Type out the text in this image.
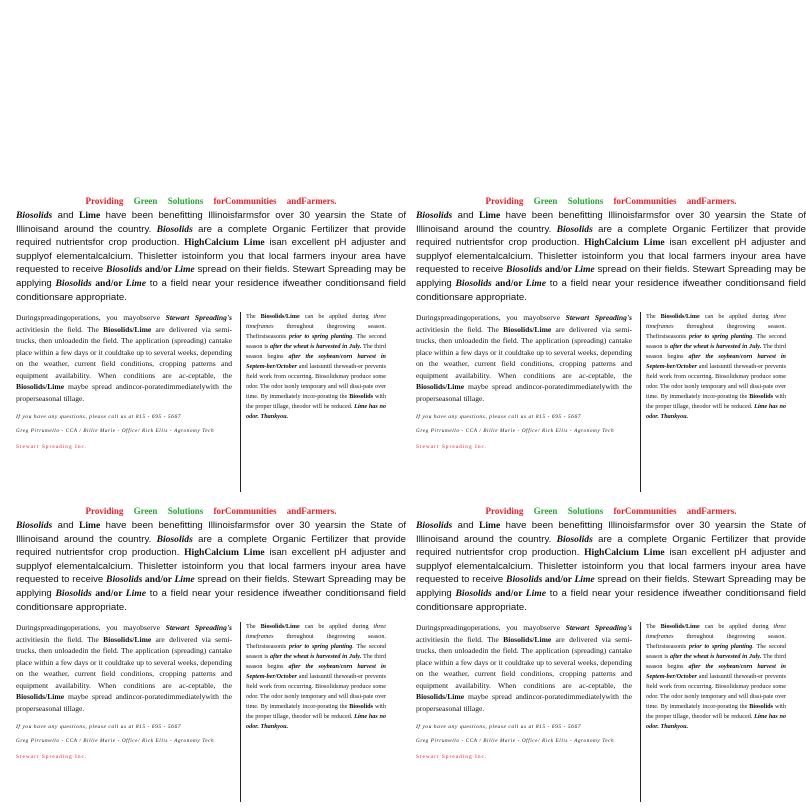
Providing Green Solutions forCommunities andFarmers.
Biosolids and Lime have been benefitting Illinoisfarmsfor over 30 yearsin the State of Illinoisand around the country. Biosolids are a complete Organic Fertilizer that provide required nutrientsfor crop production. HighCalcium Lime isan excellent pH adjuster and supplyof elementalcalcium. Thisletter istoinform you that local farmers inyour area have requested to receive Biosolids and/or Lime spread on their fields. Stewart Spreading may be applying Biosolids and/or Lime to a field near your residence ifweather conditionsand field conditionsare appropriate.
Duringspreadingoperations, you mayobserve Stewart Spreading's activitiesin the field. The Biosolids/Lime are delivered via semi-trucks, then unloadedin the field. The application (spreading) cantake place within a few days or it couldtake up to several weeks, depending on the weather, current field conditions, cropping patterns and equipment availability. When conditions are ac-ceptable, the Biosolids/Lime maybe spread andincor-poratedimmediatelywith the properseasonal tillage.
If you have any questions, please call us at 815 - 695 - 5667
Greg Pirrumello - CCA / Billie Marie - Office/ Rick Ellis - Agronomy Tech
Stewart Spreading Inc.
The Biosolids/Lime can be applied during three timeframes throughout thegrowing season. Thefirstseasonis prior to spring planting. The second season is after the wheat is harvested in July. The third season begins after the soybean/corn harvest in Septem-ber/October and lastsuntil theweath-er prevents field work from occurring. Biosolidsmay produce some odor. The odor isonly temporary and will dissi-pate over time. By immediately incor-porating the Biosolids with the proper tillage, theodor will be reduced. Lime has no odor. Thankyou.
Providing Green Solutions forCommunities andFarmers.
Biosolids and Lime have been benefitting Illinoisfarmsfor over 30 yearsin the State of Illinoisand around the country. Biosolids are a complete Organic Fertilizer that provide required nutrientsfor crop production. HighCalcium Lime isan excellent pH adjuster and supplyof elementalcalcium. Thisletter istoinform you that local farmers inyour area have requested to receive Biosolids and/or Lime spread on their fields. Stewart Spreading may be applying Biosolids and/or Lime to a field near your residence ifweather conditionsand field conditionsare appropriate.
Duringspreadingoperations, you mayobserve Stewart Spreading's activitiesin the field. The Biosolids/Lime are delivered via semi-trucks, then unloadedin the field. The application (spreading) cantake place within a few days or it couldtake up to several weeks, depending on the weather, current field conditions, cropping patterns and equipment availability. When conditions are ac-ceptable, the Biosolids/Lime maybe spread andincor-poratedimmediatelywith the properseasonal tillage.
If you have any questions, please call us at 815 - 695 - 5667
Greg Pirrumello - CCA / Billie Marie - Office/ Rick Ellis - Agronomy Tech
Stewart Spreading Inc.
The Biosolids/Lime can be applied during three timeframes throughout thegrowing season. Thefirstseasonis prior to spring planting. The second season is after the wheat is harvested in July. The third season begins after the soybean/corn harvest in Septem-ber/October and lastsuntil theweath-er prevents field work from occurring. Biosolidsmay produce some odor. The odor isonly temporary and will dissi-pate over time. By immediately incor-porating the Biosolids with the proper tillage, theodor will be reduced. Lime has no odor. Thankyou.
Providing Green Solutions forCommunities andFarmers.
Biosolids and Lime have been benefitting Illinoisfarmsfor over 30 yearsin the State of Illinoisand around the country. Biosolids are a complete Organic Fertilizer that provide required nutrientsfor crop production. HighCalcium Lime isan excellent pH adjuster and supplyof elementalcalcium. Thisletter istoinform you that local farmers inyour area have requested to receive Biosolids and/or Lime spread on their fields. Stewart Spreading may be applying Biosolids and/or Lime to a field near your residence ifweather conditionsand field conditionsare appropriate.
Duringspreadingoperations, you mayobserve Stewart Spreading's activitiesin the field. The Biosolids/Lime are delivered via semi-trucks, then unloadedin the field. The application (spreading) cantake place within a few days or it couldtake up to several weeks, depending on the weather, current field conditions, cropping patterns and equipment availability. When conditions are ac-ceptable, the Biosolids/Lime maybe spread andincor-poratedimmediatelywith the properseasonal tillage.
If you have any questions, please call us at 815 - 695 - 5667
Greg Pirrumello - CCA / Billie Marie - Office/ Rick Ellis - Agronomy Tech
Stewart Spreading Inc.
The Biosolids/Lime can be applied during three timeframes throughout thegrowing season. Thefirstseasonis prior to spring planting. The second season is after the wheat is harvested in July. The third season begins after the soybean/corn harvest in Septem-ber/October and lastsuntil theweath-er prevents field work from occurring. Biosolidsmay produce some odor. The odor isonly temporary and will dissi-pate over time. By immediately incor-porating the Biosolids with the proper tillage, theodor will be reduced. Lime has no odor. Thankyou.
Providing Green Solutions forCommunities andFarmers.
Biosolids and Lime have been benefitting Illinoisfarmsfor over 30 yearsin the State of Illinoisand around the country. Biosolids are a complete Organic Fertilizer that provide required nutrientsfor crop production. HighCalcium Lime isan excellent pH adjuster and supplyof elementalcalcium. Thisletter istoinform you that local farmers inyour area have requested to receive Biosolids and/or Lime spread on their fields. Stewart Spreading may be applying Biosolids and/or Lime to a field near your residence ifweather conditionsand field conditionsare appropriate.
Duringspreadingoperations, you mayobserve Stewart Spreading's activitiesin the field. The Biosolids/Lime are delivered via semi-trucks, then unloadedin the field. The application (spreading) cantake place within a few days or it couldtake up to several weeks, depending on the weather, current field conditions, cropping patterns and equipment availability. When conditions are ac-ceptable, the Biosolids/Lime maybe spread andincor-poratedimmediatelywith the properseasonal tillage.
If you have any questions, please call us at 815 - 695 - 5667
Greg Pirrumello - CCA / Billie Marie - Office/ Rick Ellis - Agronomy Tech
Stewart Spreading Inc.
The Biosolids/Lime can be applied during three timeframes throughout thegrowing season. Thefirstseasonis prior to spring planting. The second season is after the wheat is harvested in July. The third season begins after the soybean/corn harvest in Septem-ber/October and lastsuntil theweath-er prevents field work from occurring. Biosolidsmay produce some odor. The odor isonly temporary and will dissi-pate over time. By immediately incor-porating the Biosolids with the proper tillage, theodor will be reduced. Lime has no odor. Thankyou.
